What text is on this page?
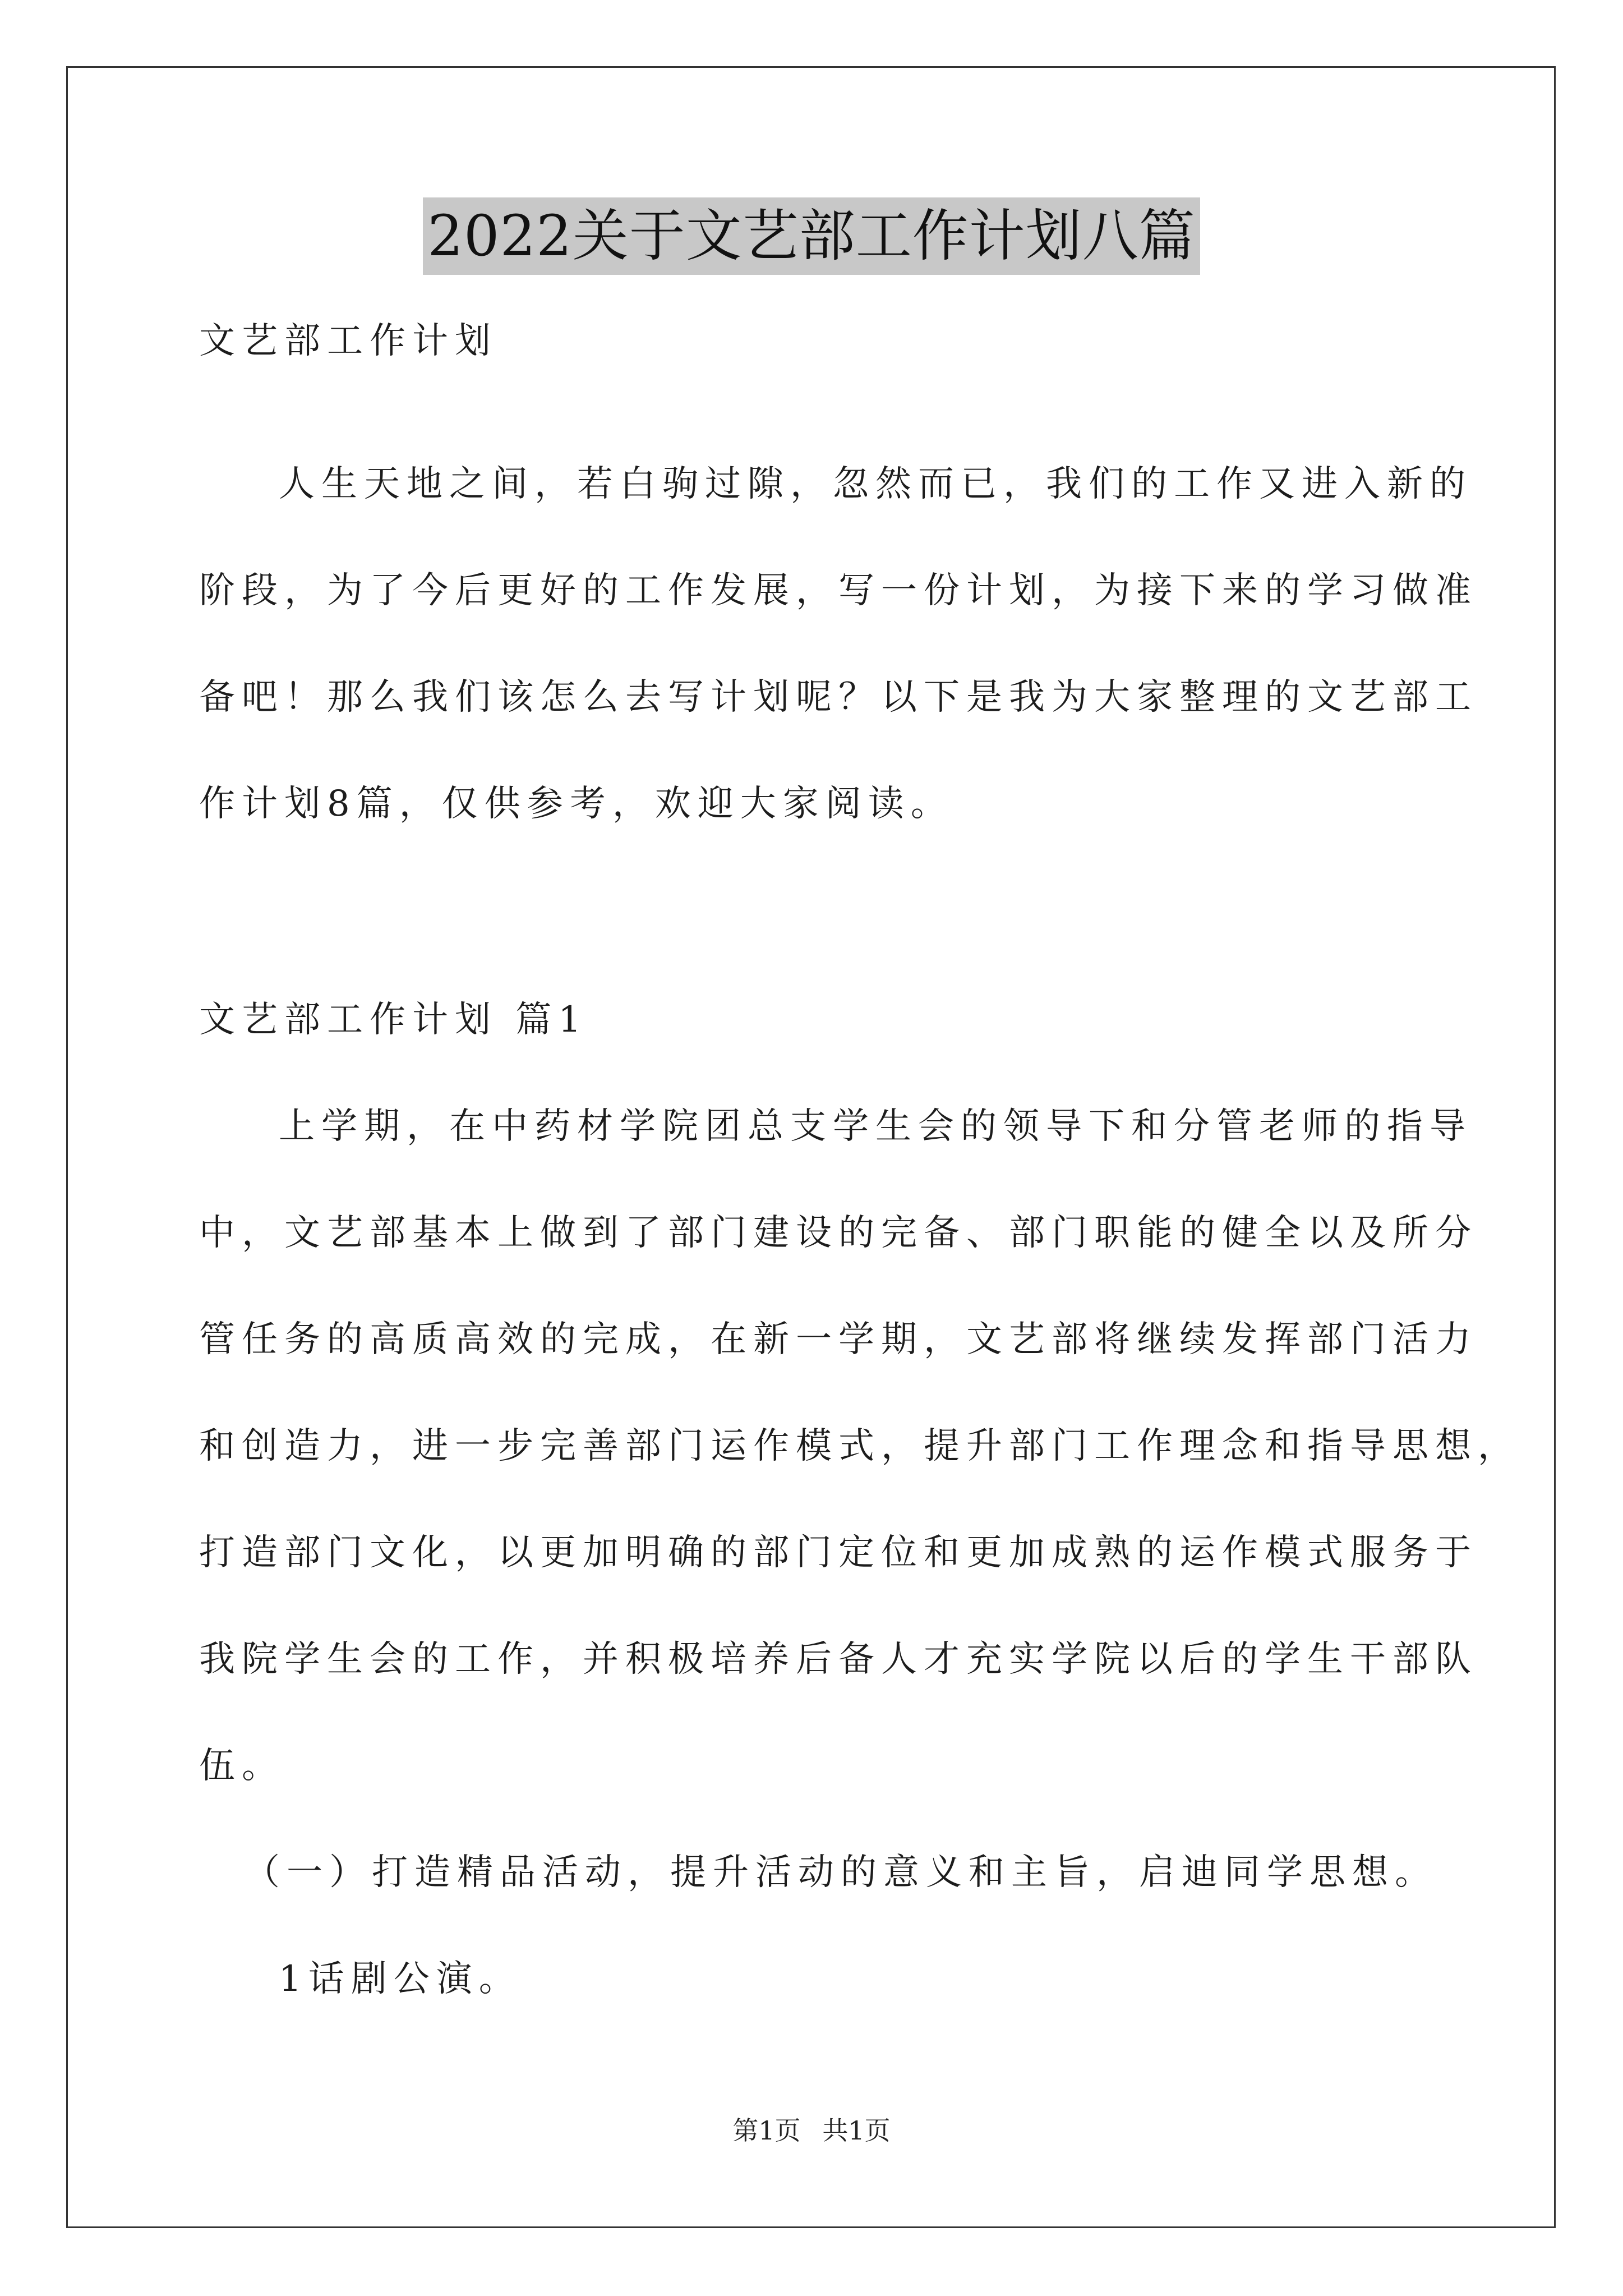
2022关于文艺部工作计划八篇
文艺部工作计划
人生天地之间，若白驹过隙，忽然而已，我们的工作又进入新的
阶段，为了今后更好的工作发展，写一份计划，为接下来的学习做准
备吧！那么我们该怎么去写计划呢？以下是我为大家整理的文艺部工
作计划8篇，仅供参考，欢迎大家阅读。
文艺部工作计划 篇1
上学期，在中药材学院团总支学生会的领导下和分管老师的指导
中，文艺部基本上做到了部门建设的完备、部门职能的健全以及所分
管任务的高质高效的完成，在新一学期，文艺部将继续发挥部门活力
和创造力，进一步完善部门运作模式，提升部门工作理念和指导思想，
打造部门文化，以更加明确的部门定位和更加成熟的运作模式服务于
我院学生会的工作，并积极培养后备人才充实学院以后的学生干部队
伍。
（一）打造精品活动，提升活动的意义和主旨，启迪同学思想。
1话剧公演。
第1页 共1页
